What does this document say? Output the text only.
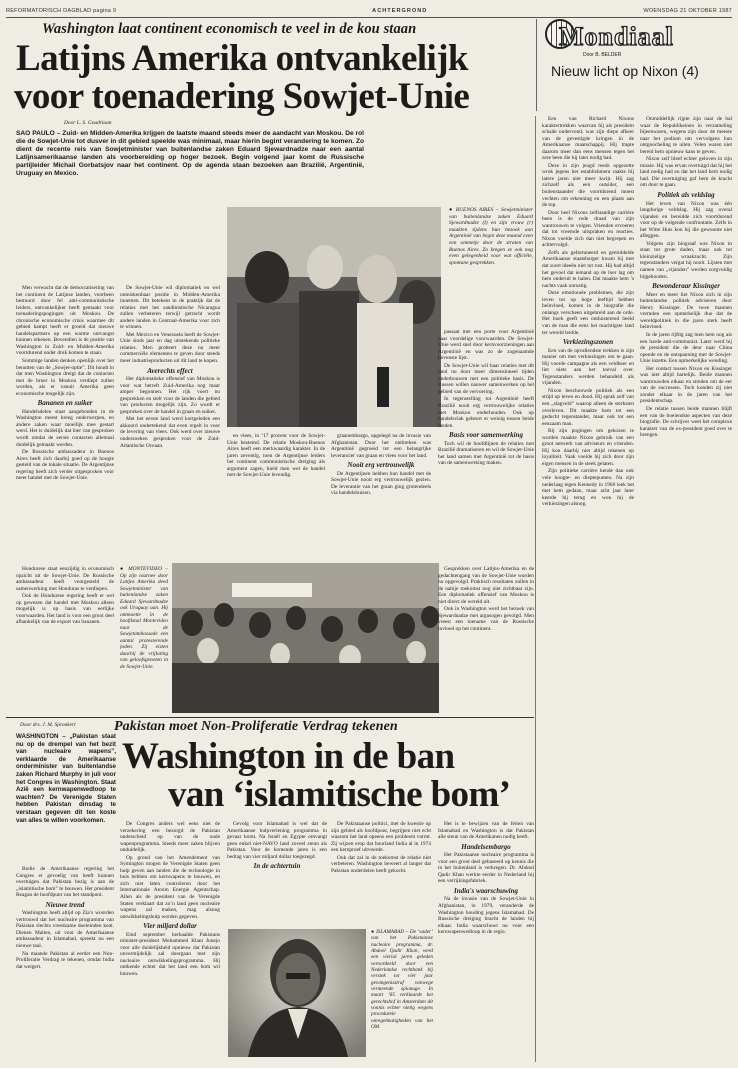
REFORMATORISCH DAGBLAD pagina 9	ACHTERGROND	WOENSDAG 21 OKTOBER 1987
Washington laat continent economisch te veel in de kou staan
Latijns Amerika ontvankelijk
voor toenadering Sowjet-Unie
Mondiaal
Door B. BELDER
Nieuw licht op Nixon (4)
Door L. S. Goudriaan
SAO PAULO – Zuid- en Midden-Amerika krijgen de laatste maand steeds meer de aandacht van Moskou. De rol die de Sowjet-Unie tot dusver in dit gebied speelde was minimaal, maar hierin begint verandering te komen. Zo dient de recente reis van Sowjetminister van buitenlandse zaken Eduard Sjewardnadze naar een aantal Latijnsamerikaanse landen als voorbereiding op hoger bezoek. Begin volgend jaar komt de Russische partijleider Michail Gorbatsjov naar het continent. Op de agenda staan bezoeken aan Brazilië, Argentinië, Uruguay en Mexico.
● BUENOS AIRES – Sowjetminister van buitenlandse zaken Eduard Sjewardnadze (l) en zijn vrouw (r) maakten tijdens hun bezoek aan Argentinië van begin deze maand even een ommetje door de straten van Buenos Aires. Zo kregen ze ook nog even gelegenheid voor wat officiële, spontane gesprekken.

Men verwacht dat de democratisering van het continent de Latijnse landen, voorheen bestuurd door fel anti-communistische leiders, ontvankelijker heeft gemaakt voor toenaderingspogingen uit Moskou. De chronische economische crisis waarmee dit gebied kampt heeft er groeid dat nieuwe handelspartners op een warme ontvangst kunnen rekenen. Bovendien is de positie van Washington in Zuid- en Midden-Amerika voortdurend onder druk komen te staan.

Sommige landen denken openlijk over het benutten van de „Sowjet-optie”. Dit houdt in dat men Washington dreigt dat de contacten met de broer in Moskou verdiept zullen worden, als er vanuit Amerika geen economische mogelijk zijn.

Bananen en suiker

Handelsdelen staat aangebonden in de Washington meest kreeg onderwerpen, en andere zaken waar moeilijk mee gestart werd. Het is duidelijk dat hier van gesproken wordt omdat de eerste contacten allemaal duidelijk gemaakt werden.

De Russische ambassadeur in Buenos Aires heeft zich daarbij goed op de hoogte gesteld van de lokale situatie. De Argentijnse regering heeft zich verder uitgesproken voor meer handel met de Sowjet-Unie.

De Sowjet-Unie wil diplomatiek en wel onmiskenbaar positie in Midden-Amerika innemen. Dit betekent in de praktijk dat de relaties met het sandinistische Nicaragua zullen verbeteren terwijl getracht wordt andere landen in Centraal-Amerika voor zich te winnen.

Met Mexico en Venezuela heeft de Sowjet-Unie sinds jaar en dag uitstekende politieke relaties. Men probeert deze nu meer commerciële elementen te geven door steeds meer industrieproducten uit dit land te kopen.

Averechts effect

Het diplomatieke offensief van Moskou is voor wat betreft Zuid-Amerika nog maar amper begonnen. Het rijk voert nu gesprekken en stelt voor de landen die gebied van producten mogelijk zijn. Zo wordt er gesproken over de handel in graan en suiker.

Met het eerste land werd kortgeleden een akkoord ondertekend dat even regelt in voor de levering van vlees. Ook werd over nieuwe onderzoeken gesproken voor de Zuid-Atlantische Oceaan.

en vlees, in ’17 procent voor de Sowjet-Unie bestemd. De relatie Moskou-Buenos Aires heeft een merkwaardig karakter. In de jaren zeventig, toen de Argentijnse leiders het continent communistische dreiging als argument zagen, hield men wel de handel met de Sowjet-Unie levendig.

graanembargo, opgelegd na de invasie van Afghanistan. Door het ontbreken was Argentinië gegroeid tot een belangrijke leverancier van graan en vlees voor het land.

Nooit erg vertrouwelijk

De Argentijnen hebben hun handel met de Sowjet-Unie nooit erg vertrouwelijk gezien. De leverantie van het graan ging grotendeels via handelshuizen.

passaat met een porte voor Argentinië naar voordelige voorwaarden. De Sowjet-Unie werd snel door kernvoorzieningen aan Argentinië en was zo de zogenaamde bovenste lijst.

De Sowjet-Unie wil haar relaties met dit land nu door meer dimensioneel tijden onderbouwen met een politieke basis. De Russen willen nauwer samenwerken op het gebied van de vervoering.

In tegenstelling tot Argentinië heeft Brazilië nooit erg vertrouwelijke relaties met Moskou onderhouden. Ook op handelsvlak gebeurt er weinig tussen beide landen.

Basis voor samenwerking

Toch wil de hoofdlijnen de relaties met Brazilië dramatiseren en wil de Sowjet-Unie het land samen met Argentinië tot de basis van de samenwerking maken.

● MONTEVIDEO – Op zijn tournee door Latijns Amerika deed Sowjetminister van buitenlandse zaken Eduard Sjewardnadze ook Uruguay aan. Hij ontmoette in de hoofdstad Montevideo naar de Sowjetambassade een aantal protesterende joden. Zij eisten daarbij de vrijlating van geloofsgenoten in de Sowjet-Unie.

Hondurese staat eenzijdig in economisch opzicht uit de Sowjet-Unie. De Russische ambassadeur heeft voorgesteld de samenwerking met Honduras te verdiepen.

Ook de Hondurese regering heeft er wel op gewezen dat handel met Moskou alleen mogelijk is op basis van eerlijke voorwaarden. Het land is voor een groot deel afhankelijk van de export van bananen.

Gesprekken over Latijns-Amerika en de gedachtengang van de Sowjet-Unie worden nu opgevolgd. Praktisch resultaten zullen in de nabije toekomst nog niet zichtbaar zijn. Een diplomatiek offensief van Moskou is niet direct de wereld uit.

Ook in Washington werd het bezoek van Sjewardnadze met argusogen gevolgd. Men vreest een toename van de Russische invloed op het continent.

Een van Richard Nixons karaktertrekken waarvan hij als president schade ondervond, was zijn diepe afkeer van de gevestigde kringen in de Amerikaanse maatschappij. Hij trapte daarom meer dan eens mensen tegen het zere been die hij later nodig had.

Deze in zijn jeugd reeds opgezette wrok jegens het establishment raakte bij latere jaren niet meer kwijt. Hij zag zichzelf als een outsider, een buitenstaander die voortdurend moest vechten om erkenning en een plaats aan de top.

Door heel Nixons zelfstandige carrière heen is de rode draad van zijn wantrouwen te volgen. Vrienden ervoeren dat tot vreemde uitspraken en reacties. Nixon voelde zich dan niet begrepen en achtervolgd.

Zelfs als gefortuneerd en gemiddelde Amerikaanse staatsburger kwam hij met dat soort ideeën niet tot rust. Hij had altijd het gevoel dat iemand op de loer lag om hem onderuit te halen. Dat maakte hem ’s nachts vaak onrustig.

Deze emotionele problemen, die zijn leven tot op hoge leeftijd hebben beïnvloed, komen in de biografie die onlangs verscheen uitgebreid aan de orde. Het boek geeft een ontluisterend beeld van de man die eens het machtigste land ter wereld leidde.

Verkiezingszonen

Een van de opvallendste trekken is zijn manier om met verkiezingen om te gaan. Hij voerde campagne als een veldheer en liet niets aan het toeval over. Tegenstanders werden behandeld als vijanden.

Nixon beschouwde politiek als een strijd op leven en dood. Hij sprak zelf van een „slagveld” waarop alleen de sterksten overleven. Dit maakte hem tot een geducht tegenstander, maar ook tot een eenzaam man.

Bij zijn pogingen om gekozen te worden maakte Nixon gebruik van een groot netwerk van adviseurs en vrienden. Hij kon daarbij niet altijd rekenen op loyaliteit. Vaak voelde hij zich door zijn eigen mensen in de steek gelaten.

Zijn politieke carrière kende dan ook vele hoogte- en dieptepunten. Na zijn nederlaag tegen Kennedy in 1960 leek het met hem gedaan, maar acht jaar later keerde hij terug en won hij de verkiezingen alsnog.

Onmiddellijk rijpte zijn naar de bal waar de Republikeinen in verzameling bijeenwaren, wegens zijn door de meeste naar het podium om vervolgens hun ontgoocheling te uiten. Velen waren niet bereid hem opnieuw kans te geven.

Nixon zelf bleef echter geloven in zijn missie. Hij was ervan overtuigd dat hij het land nodig had en dat het land hem nodig had. Die overtuiging gaf hem de kracht om door te gaan.

Politiek als veldslag

Het leven van Nixon was één langdurige veldslag. Hij zag overal vijanden en bereidde zich voortdurend voor op de volgende confrontatie. Zelfs in het Witte Huis kon hij die gewoonte niet afleggen.

Volgens zijn biograaf was Nixon in staat tot grote daden, maar ook tot kleinzielige wraakzucht. Zijn tegenstanders vergat hij nooit. Lijsten met namen van „vijanden” werden zorgvuldig bijgehouden.

Bewonderaar Kissinger

Meer en meer liet Nixon zich in zijn buitenlandse politiek adviseren door Henry Kissinger. De twee mannen vormden een opmerkelijk duo dat de wereldpolitiek in die jaren sterk heeft beïnvloed.

In de jaren rijftig zag men hem nog als een harde anti-communist. Later werd hij de president die de deur naar China opende en de ontspanning met de Sowjet-Unie inzette. Een opmerkelijke wending.

Het contact tussen Nixon en Kissinger was niet altijd hartelijk. Beide mannen wantrouwden elkaar en streden om de eer van de successen. Toch konden zij niet zonder elkaar in de jaren van het presidentschap.

De relatie tussen beide mannen blijft een van de boeiendste aspecten van deze biografie. De schrijver weet het complexe karakter van de ex-president goed over te brengen.

Door drs. J. M. Spronkert	Pakistan moet Non-Proliferatie Verdrag tekenen
Washington in de ban
van ‘islamitische bom’
WASHINGTON – „Pakistan staat nu op de drempel van het bezit van nucleaire wapens”, verklaarde de Amerikaanse onderminister van buitenlandse zaken Richard Murphy in juli voor het Congres in Washington. Staat Azië een kernwapenwedloop te wachten? De Verenigde Staten hebben Pakistan dinsdag te verstaan gegeven dit ten koste van alles te willen voorkomen.

Bodie de Amerikaanse regering het Congres er gevoelig van heeft kunnen overtuigen dat Pakistan bezig is aan de „islamitische bom” te bouwen. Het president Reagan de hoofdpunt van het standpunt.

Nieuwe trend

Washington heeft altijd op Zia’s woorden vertrouwd dat het nucleaire programma van Pakistan slechts vreedzame doeleinden kent. Dienen Malten, uit voor de Amerikaanse ambassadeur in Islamabad, spreekt nu een nieuwe taal.

Na maande Pakistan al eerder een Non-Proliferatie Verdrag te tekenen, omdat India dat weigert.

De Congres anders wel eens niet de verzekering een bezorgd de Pakistan onderscheid op van de oude wapenprogramma. Steeds meer zaken blijven onduidelijk.

Op grond van het Amendement van Symington mogen de Verenigde Staten geen hulp geven aan landen die de technologie in huis hebben om kernwapens te bouwen, en zich niet laten controleren door het Internationale Atoom Energie Agentschap. Allen als de president van de Verenigde Staten verklaart dat zo’n land geen nucleaire wapens zal maken, mag alsnog ontwikkelingshulp worden gegeven.

Vier miljard dollar

Eind september herhaalde Pakistans minister-president Mohammed Khan Junejo voor alle duidelijkheid opnieuw dat Pakistan onvermijdelijk zal doorgaan met zijn nucleaire ontwikkelingsprogramma. Hij ontkende echter dat het land een bom wil bouwen.

Gevolg voor Islamabad is wel dat de Amerikaanse hulpverlening programma in gevaar komt. Na Israël en Egypte ontvangt geen enkel niet-NAVO land zoveel steun als Pakistan. Voor de komende jaren is een bedrag van vier miljard dollar toegezegd.

In de achtertuin

De Pakistaanse politici, met de kwestie op zijn gebied als hoofdpunt, begrijpen niet echt waarom het land opeens een probleem vormt. Zij wijzen erop dat buurland India al in 1974 een kernproef uitvoerde.

Ook dat zal in de toekomst de relatie niet verbeteren. Washington beweert al langer dat Pakistan onderdelen heeft gekocht.

● ISLAMABAD – De ‘vader’ van het Pakistaanse nucleaire programma, dr. Abdoel Qadir Khan, werd een vierial jaren geleden veroordeeld door een Nederlandse rechtbank bij verstek tot vier jaar gevangenisstraf vanwege vermeende spionage. In maart ’85 verklaarde het gerechtshof in Amsterdam dit vonnis echter nietig wegens procedurele onregelmatigheden van het OM.

Het is te bewijzen van de feiten van Islamabad en Washington is dat Pakistan alle steun van de Amerikanen nodig heeft.

Handelsembargo

Het Pakistaanse nucleaire programma is voor een groot deel gebaseerd op kennis die in het buitenland is verkregen. Dr. Abdoel Qadir Khan werkte eerder in Nederland bij een verrijkingsfabriek.

India's waarschuwing

Na de invasie van de Sowjet-Unie in Afghanistan, in 1979, veranderde de Washington houding jegens Islamabad. De Russische dreiging bracht de landen bij elkaar. India waarschuwt nu voor een kernwapenwedloop in de regio.
